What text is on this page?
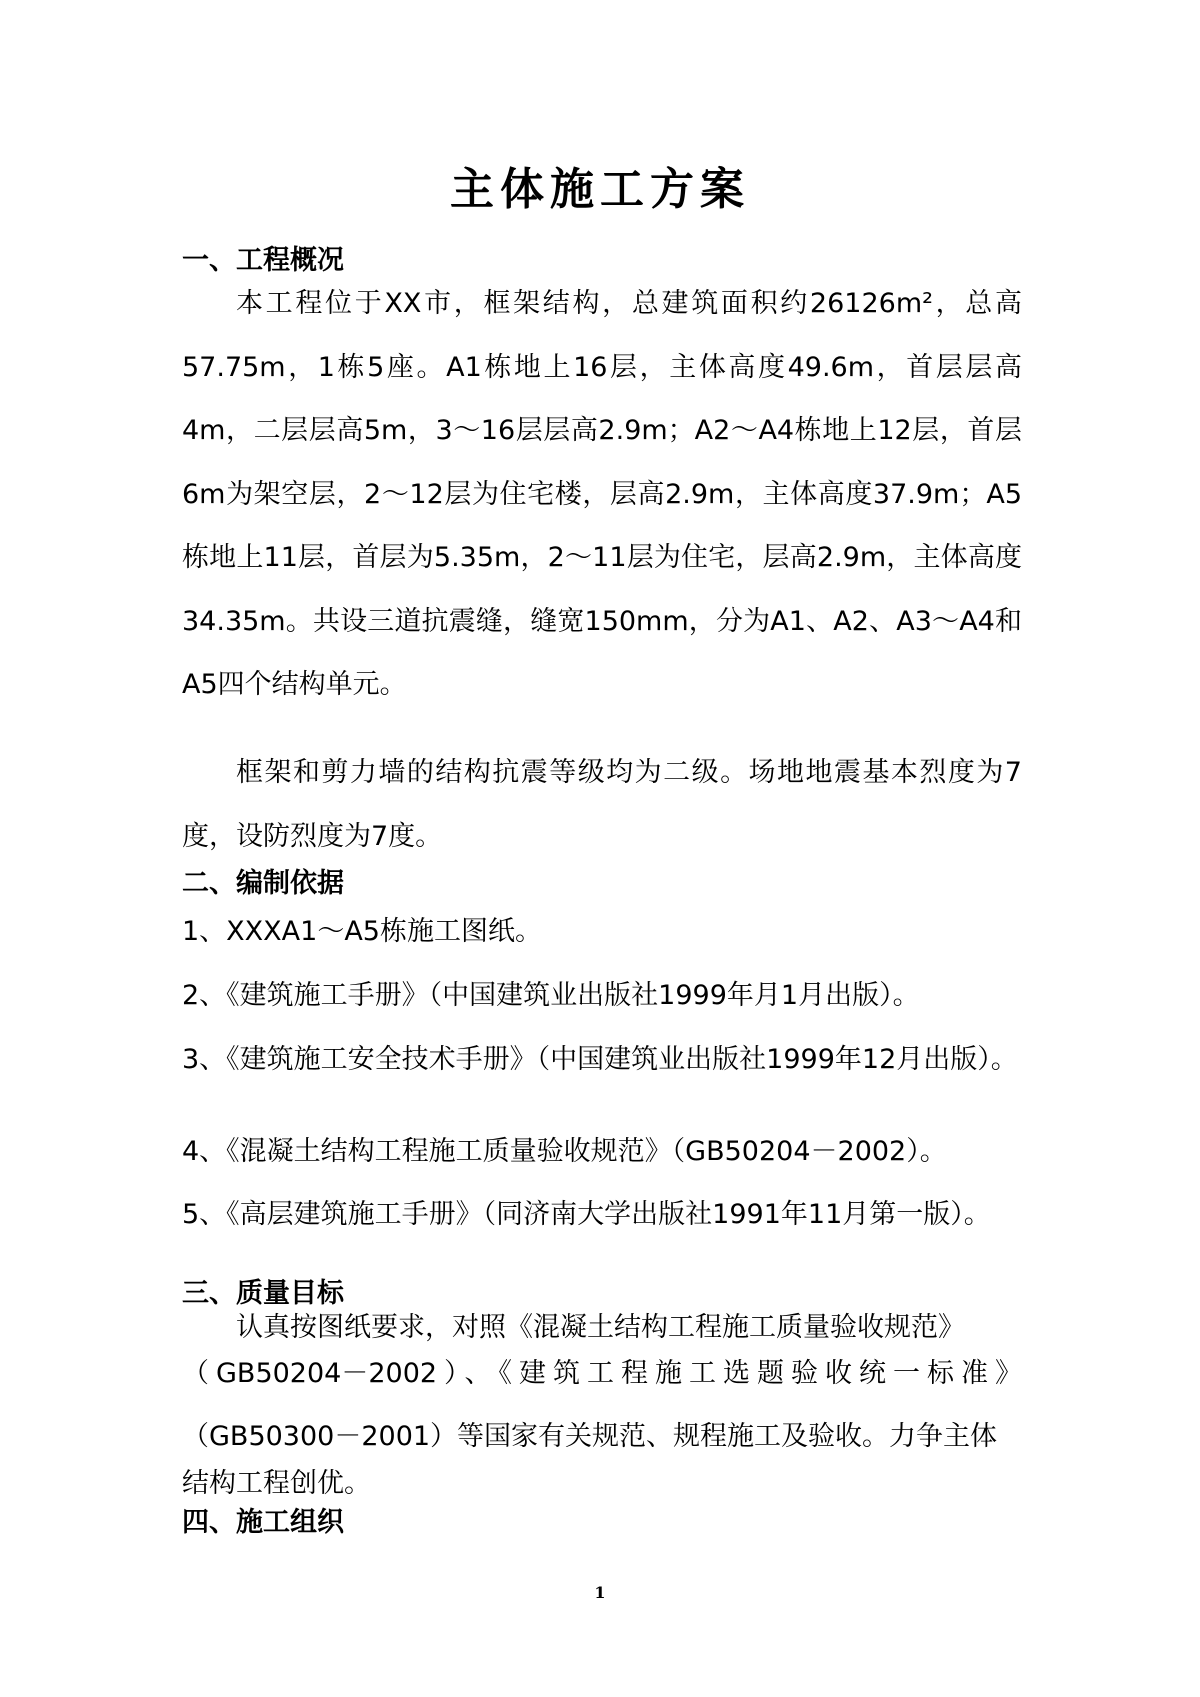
主体施工方案
一、工程概况

本工程位于XX市，框架结构，总建筑面积约26126m²，总高57.75m，1栋5座。A1栋地上16层，主体高度49.6m，首层层高4m，二层层高5m，3～16层层高2.9m；A2～A4栋地上12层，首层6m为架空层，2～12层为住宅楼，层高2.9m，主体高度37.9m；A5栋地上11层，首层为5.35m，2～11层为住宅，层高2.9m，主体高度34.35m。共设三道抗震缝，缝宽150mm，分为A1、A2、A3～A4和A5四个结构单元。

框架和剪力墙的结构抗震等级均为二级。场地地震基本烈度为7度，设防烈度为7度。

二、编制依据

1、XXXA1～A5栋施工图纸。

2、《建筑施工手册》（中国建筑业出版社1999年月1月出版）。

3、《建筑施工安全技术手册》（中国建筑业出版社1999年12月出版）。

4、《混凝土结构工程施工质量验收规范》（GB50204－2002）。

5、《高层建筑施工手册》（同济南大学出版社1991年11月第一版）。

三、质量目标

认真按图纸要求，对照《混凝土结构工程施工质量验收规范》

（GB50204－2002）、《建筑工程施工选题验收统一标准》

（GB50300－2001）等国家有关规范、规程施工及验收。力争主体

结构工程创优。

四、施工组织

1
